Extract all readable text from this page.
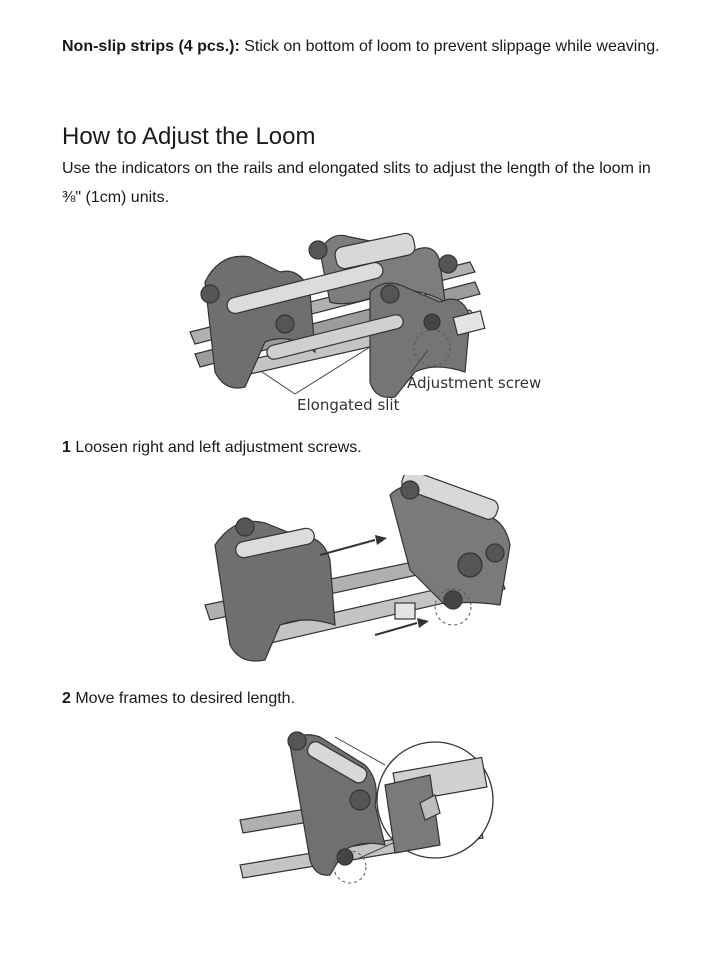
Non-slip strips (4 pcs.): Stick on bottom of loom to prevent slippage while weaving.

How to Adjust the Loom

Use the indicators on the rails and elongated slits to adjust the length of the loom in ⅜" (1cm) units.

Adjustment screw
Elongated slit

1 Loosen right and left adjustment screws.

2 Move frames to desired length.
